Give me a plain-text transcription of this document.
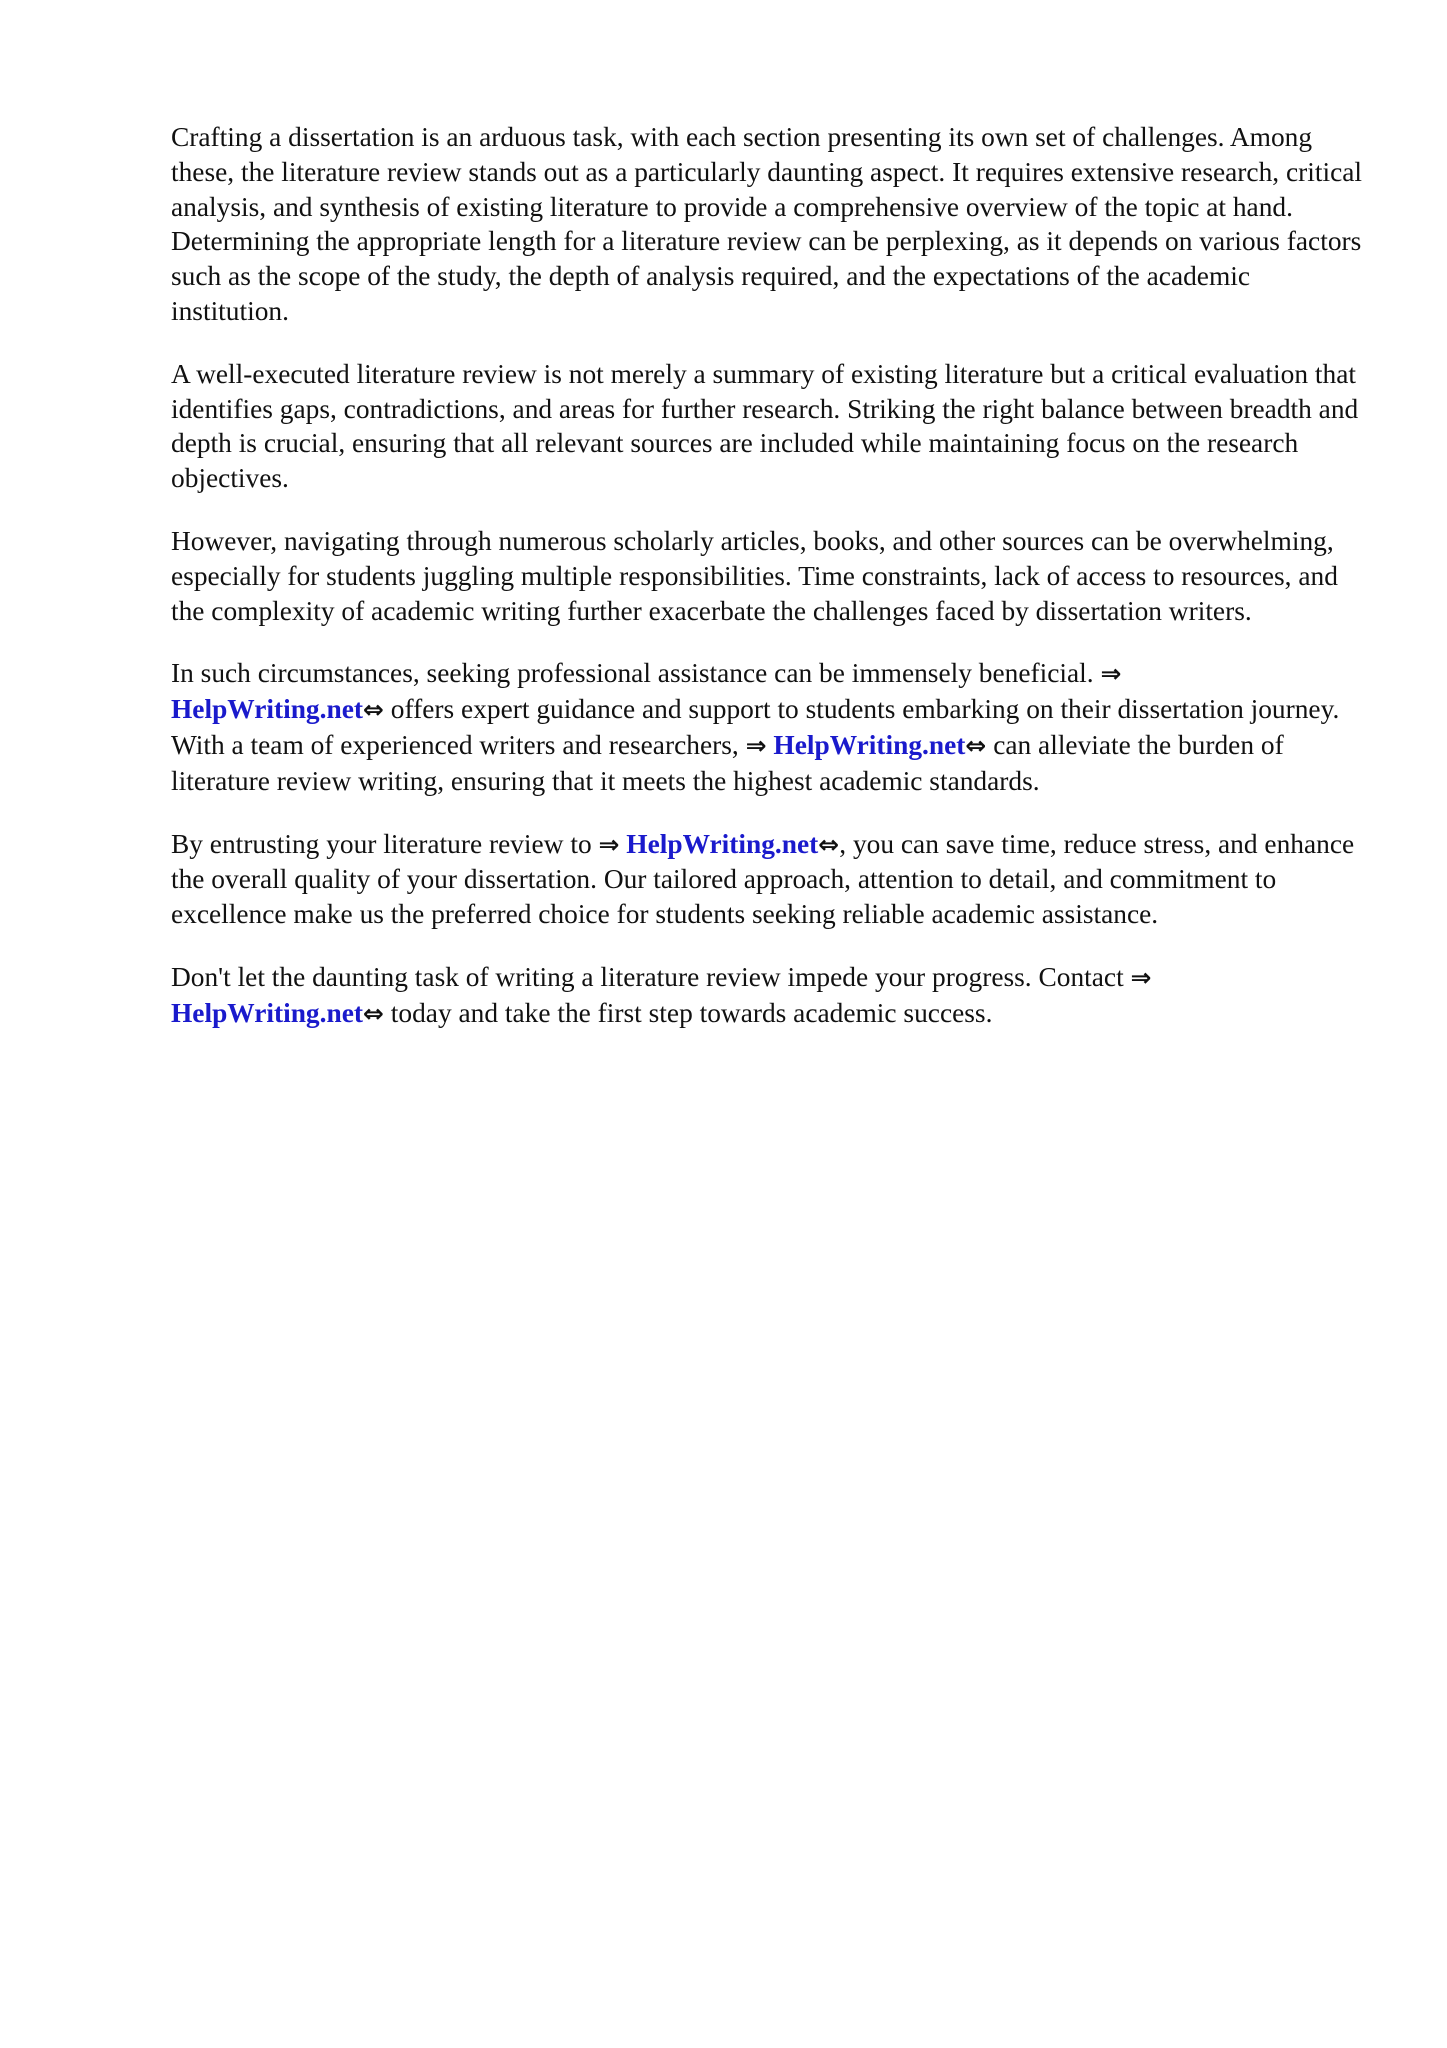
Crafting a dissertation is an arduous task, with each section presenting its own set of challenges. Among these, the literature review stands out as a particularly daunting aspect. It requires extensive research, critical analysis, and synthesis of existing literature to provide a comprehensive overview of the topic at hand. Determining the appropriate length for a literature review can be perplexing, as it depends on various factors such as the scope of the study, the depth of analysis required, and the expectations of the academic institution.

A well-executed literature review is not merely a summary of existing literature but a critical evaluation that identifies gaps, contradictions, and areas for further research. Striking the right balance between breadth and depth is crucial, ensuring that all relevant sources are included while maintaining focus on the research objectives.

However, navigating through numerous scholarly articles, books, and other sources can be overwhelming, especially for students juggling multiple responsibilities. Time constraints, lack of access to resources, and the complexity of academic writing further exacerbate the challenges faced by dissertation writers.

In such circumstances, seeking professional assistance can be immensely beneficial. ⇒
HelpWriting.net⇔ offers expert guidance and support to students embarking on their dissertation journey. With a team of experienced writers and researchers, ⇒ HelpWriting.net⇔ can alleviate the burden of literature review writing, ensuring that it meets the highest academic standards.

By entrusting your literature review to ⇒ HelpWriting.net⇔, you can save time, reduce stress, and enhance the overall quality of your dissertation. Our tailored approach, attention to detail, and commitment to excellence make us the preferred choice for students seeking reliable academic assistance.

Don't let the daunting task of writing a literature review impede your progress. Contact ⇒
HelpWriting.net⇔ today and take the first step towards academic success.
